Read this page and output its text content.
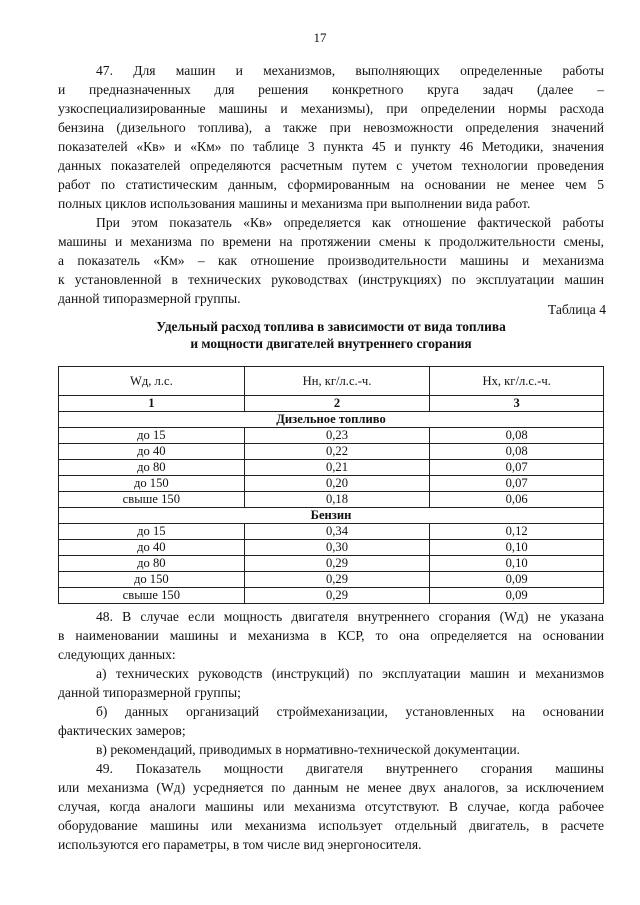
17

47. Для машин и механизмов, выполняющих определенные работы

и предназначенных для решения конкретного круга задач (далее –

узкоспециализированные машины и механизмы), при определении нормы расхода

бензина (дизельного топлива), а также при невозможности определения значений

показателей «Кв» и «Км» по таблице 3 пункта 45 и пункту 46 Методики, значения

данных показателей определяются расчетным путем с учетом технологии проведения

работ по статистическим данным, сформированным на основании не менее чем 5

полных циклов использования машины и механизма при выполнении вида работ.

При этом показатель «Кв» определяется как отношение фактической работы

машины и механизма по времени на протяжении смены к продолжительности смены,

а показатель «Км» – как отношение производительности машины и механизма

к установленной в технических руководствах (инструкциях) по эксплуатации машин

данной типоразмерной группы.

Таблица 4
Удельный расход топлива в зависимости от вида топлива
и мощности двигателей внутреннего сгорания
Wд, л.с.	Нн, кг/л.с.-ч.	Нх, кг/л.с.-ч.
1	2	3
Дизельное топливо		
до 15	0,23	0,08
до 40	0,22	0,08
до 80	0,21	0,07
до 150	0,20	0,07
свыше 150	0,18	0,06
Бензин		
до 15	0,34	0,12
до 40	0,30	0,10
до 80	0,29	0,10
до 150	0,29	0,09
свыше 150	0,29	0,09

48. В случае если мощность двигателя внутреннего сгорания (Wд) не указана

в наименовании машины и механизма в КСР, то она определяется на основании

следующих данных:

а) технических руководств (инструкций) по эксплуатации машин и механизмов

данной типоразмерной группы;

б) данных организаций строймеханизации, установленных на основании

фактических замеров;

в) рекомендаций, приводимых в нормативно-технической документации.

49. Показатель мощности двигателя внутреннего сгорания машины

или механизма (Wд) усредняется по данным не менее двух аналогов, за исключением

случая, когда аналоги машины или механизма отсутствуют. В случае, когда рабочее

оборудование машины или механизма использует отдельный двигатель, в расчете

используются его параметры, в том числе вид энергоносителя.
